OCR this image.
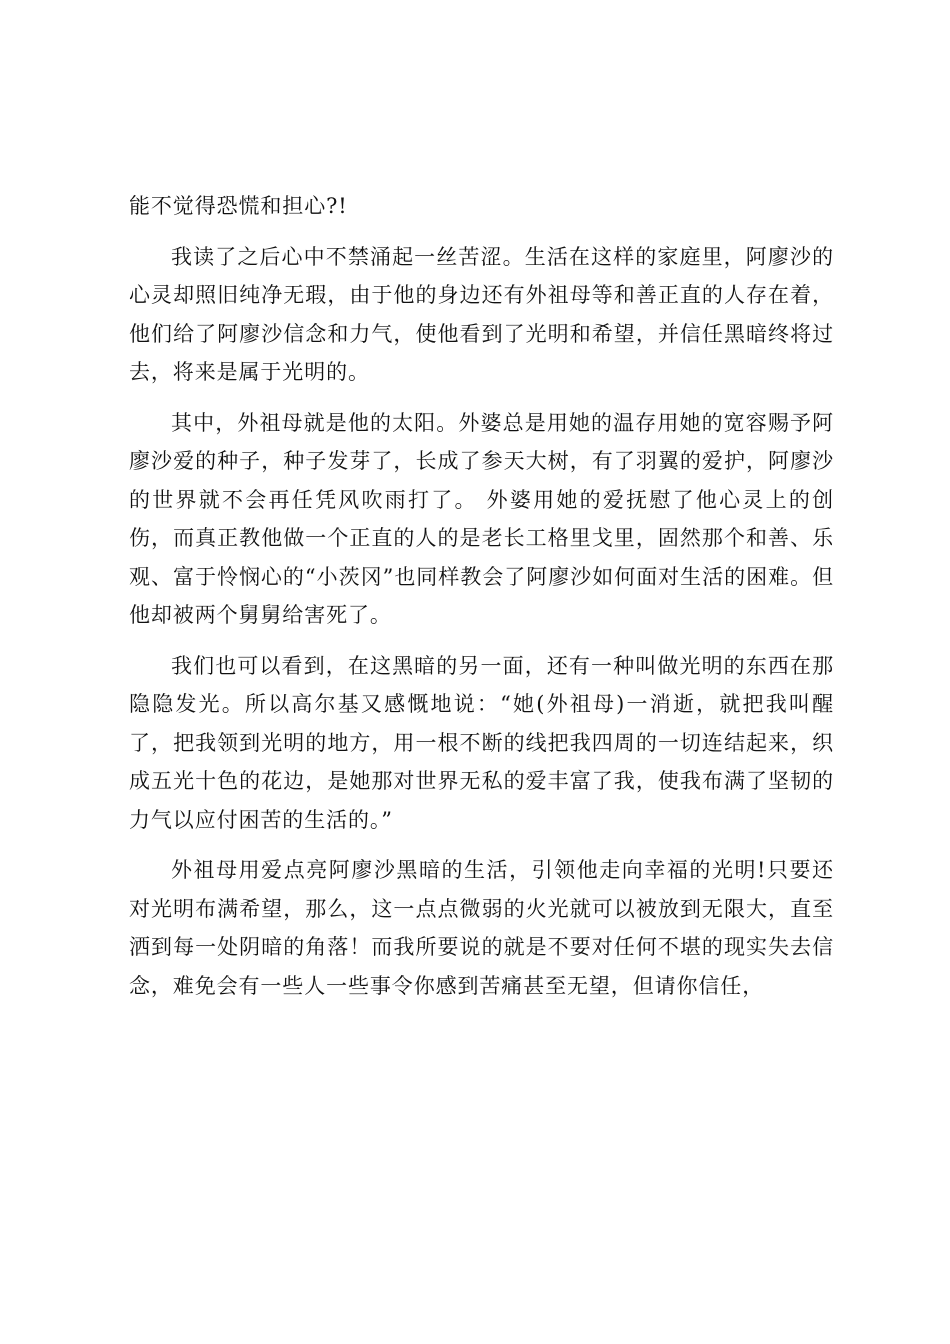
能不觉得恐慌和担心?!

我读了之后心中不禁涌起一丝苦涩。生活在这样的家庭里，阿廖沙的心灵却照旧纯净无瑕，由于他的身边还有外祖母等和善正直的人存在着，他们给了阿廖沙信念和力气，使他看到了光明和希望，并信任黑暗终将过去，将来是属于光明的。

其中，外祖母就是他的太阳。外婆总是用她的温存用她的宽容赐予阿廖沙爱的种子，种子发芽了，长成了参天大树，有了羽翼的爱护，阿廖沙的世界就不会再任凭风吹雨打了。 外婆用她的爱抚慰了他心灵上的创伤，而真正教他做一个正直的人的是老长工格里戈里，固然那个和善、乐观、富于怜悯心的“小茨冈”也同样教会了阿廖沙如何面对生活的困难。但他却被两个舅舅给害死了。

我们也可以看到，在这黑暗的另一面，还有一种叫做光明的东西在那隐隐发光。所以高尔基又感慨地说：“她(外祖母)一消逝，就把我叫醒了，把我领到光明的地方，用一根不断的线把我四周的一切连结起来，织成五光十色的花边，是她那对世界无私的爱丰富了我，使我布满了坚韧的力气以应付困苦的生活的。”

外祖母用爱点亮阿廖沙黑暗的生活，引领他走向幸福的光明!只要还对光明布满希望，那么，这一点点微弱的火光就可以被放到无限大，直至洒到每一处阴暗的角落！而我所要说的就是不要对任何不堪的现实失去信念，难免会有一些人一些事令你感到苦痛甚至无望，但请你信任，
